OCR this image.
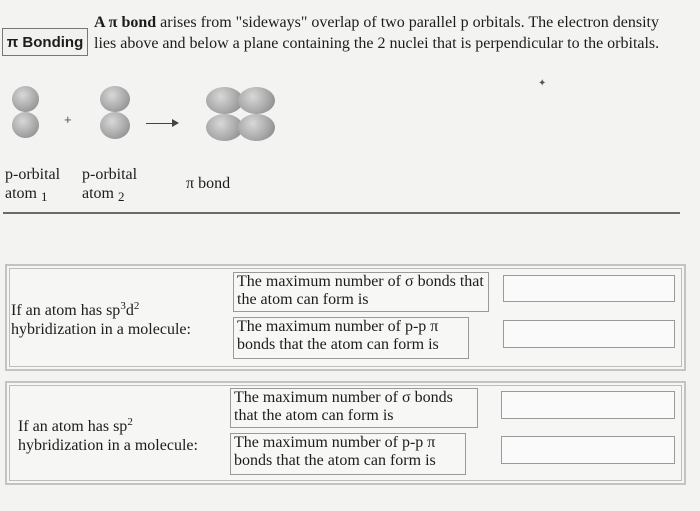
π Bonding
A π bond arises from "sideways" overlap of two parallel p orbitals. The electron density lies above and below a plane containing the 2 nuclei that is perpendicular to the orbitals.
✦
+
p-orbital
atom $_1$
p-orbital
atom $_2$
π bond
If an atom has $sp^3d^2$
hybridization in a molecule:
The maximum number of σ bonds that the atom can form is
The maximum number of p-p π bonds that the atom can form is
If an atom has $sp^2$
hybridization in a molecule:
The maximum number of σ bonds that the atom can form is
The maximum number of p-p π bonds that the atom can form is
